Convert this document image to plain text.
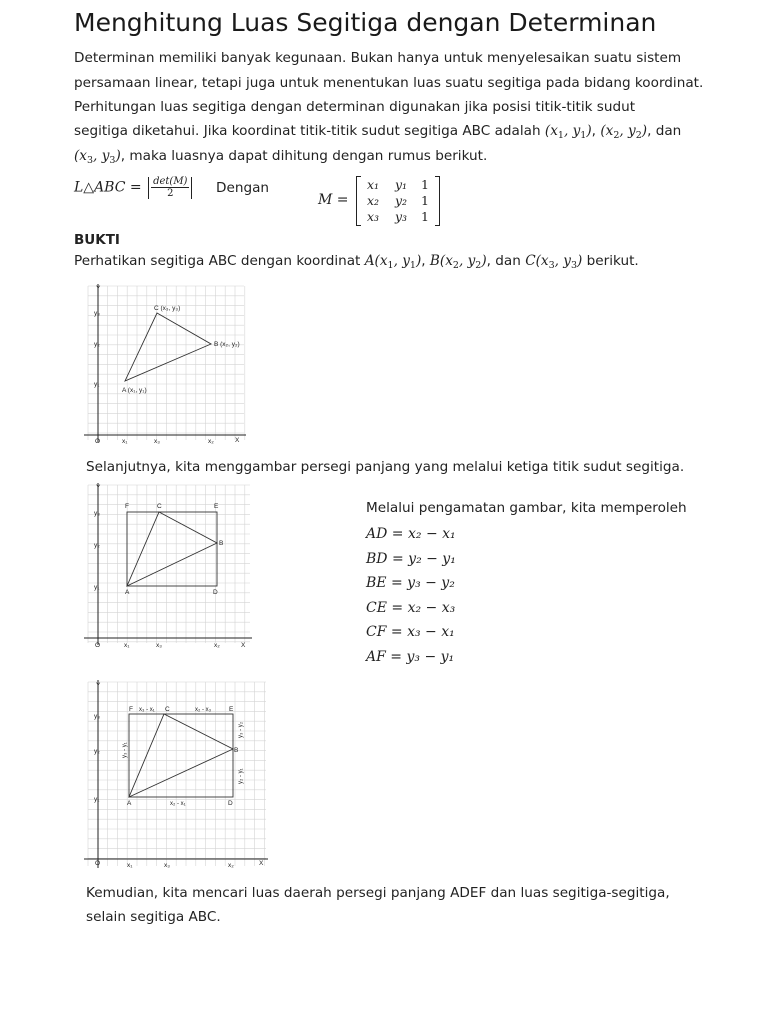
Menghitung Luas Segitiga dengan Determinan

Determinan memiliki banyak kegunaan. Bukan hanya untuk menyelesaikan suatu sistem

persamaan linear, tetapi juga untuk menentukan luas suatu segitiga pada bidang koordinat.

Perhitungan luas segitiga dengan determinan digunakan jika posisi titik-titik sudut

segitiga diketahui. Jika koordinat titik-titik sudut segitiga ABC adalah ($x_1$, $y_1$), ($x_2$, $y_2$), dan

($x_3$, $y_3$), maka luasnya dapat dihitung dengan rumus berikut.

L△ABC = $\frac{\det(M)}{2}$ Dengan
M =
x₁	y₁	1
x₂	y₂	1
x₃	y₃	1
BUKTI

Perhatikan segitiga ABC dengan koordinat $A(x_1$, $y_1$), $B(x_2$, $y_2$), dan $C(x_3$, $y_3$) berikut.

Y
X
O	x₁	x₃	x₂
y₃
y₂
y₁
A (x₁, y₁)
B (x₂, y₂)
C (x₃, y₃)

Selanjutnya, kita menggambar persegi panjang yang melalui ketiga titik sudut segitiga.

Y
X
O	x₁	x₃	x₂
y₃
y₂
y₁
A
B
C
D
E
F	Melalui pengamatan gambar, kita memperoleh

AD = x₂ − x₁
BD = y₂ − y₁
BE = y₃ − y₂
CE = x₂ − x₃
CF = x₃ − x₁
AF = y₃ − y₁
Y
X
O	x₁	x₃	x₂
y₃
y₂
y₁
A
B
C
D
E
F x₃ - x₁	x₂ - x₃
x₂ - x₁
y₃ - y₁
y₃ - y₂
y₂ - y₁

Kemudian, kita mencari luas daerah persegi panjang ADEF dan luas segitiga-segitiga,

selain segitiga ABC.
